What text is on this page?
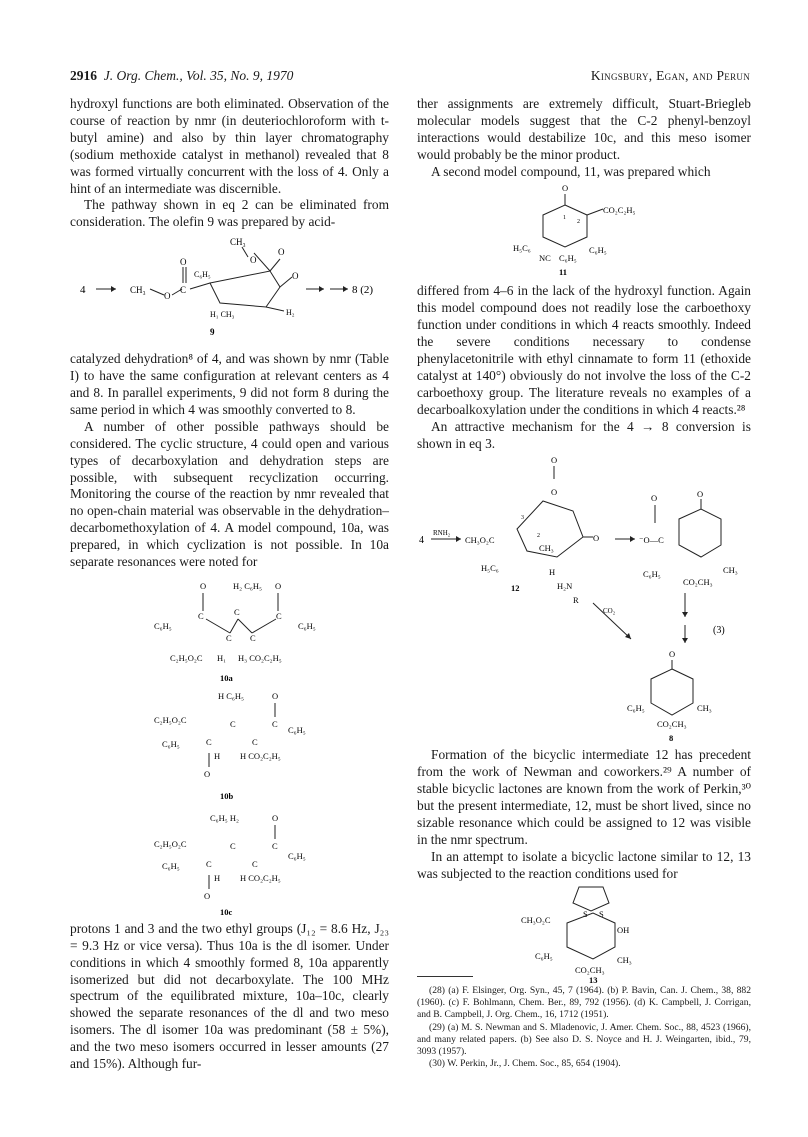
2916 J. Org. Chem., Vol. 35, No. 9, 1970	Kingsbury, Egan, and Perun

hydroxyl functions are both eliminated. Observation of the course of reaction by nmr (in deuteriochloroform with t-butyl amine) and also by thin layer chromatography (sodium methoxide catalyst in methanol) revealed that 8 was formed virtually concurrent with the loss of 4. Only a hint of an intermediate was discernible.

The pathway shown in eq 2 can be eliminated from consideration. The olefin 9 was prepared by acid-

4	CH₃
O
C
O
C₆H₅
CH₃
O
O
O
H₂
H₁ CH₃
9
8 (2)

catalyzed dehydration⁸ of 4, and was shown by nmr (Table I) to have the same configuration at relevant centers as 4 and 8. In parallel experiments, 9 did not form 8 during the same period in which 4 was smoothly converted to 8.

A number of other possible pathways should be considered. The cyclic structure, 4 could open and various types of decarboxylation and dehydration steps are possible, with subsequent recyclization occurring. Monitoring the course of the reaction by nmr revealed that no open-chain material was observable in the dehydration–decarbomethoxylation of 4. A model compound, 10a, was prepared, in which cyclization is not possible. In 10a separate resonances were noted for

O	H₂ C₆H₅ O
C	C
C
C C
C₆H₅	C₆H₅
C₂H₅O₂C H₁ H₃ CO₂C₂H₅
10a
H C₆H₅	O
C₂H₅O₂C	C	C
C₆H₅
C
C
C₆H₅
H H CO₂C₂H₅
O
10b
C₆H₅ H₂	O
C₂H₅O₂C	C	C
C₆H₅
C
C
C₆H₅
H H CO₂C₂H₅
O
10c

protons 1 and 3 and the two ethyl groups (J₁₂ = 8.6 Hz, J₂₃ = 9.3 Hz or vice versa). Thus 10a is the dl isomer. Under conditions in which 4 smoothly formed 8, 10a apparently isomerized but did not decarboxylate. The 100 MHz spectrum of the equilibrated mixture, 10a–10c, clearly showed the separate resonances of the dl and two meso isomers. The dl isomer 10a was predominant (58 ± 5%), and the two meso isomers occurred in lesser amounts (27 and 15%). Although fur-

ther assignments are extremely difficult, Stuart-Briegleb molecular models suggest that the C-2 phenyl-benzoyl interactions would destabilize 10c, and this meso isomer would probably be the minor product.

A second model compound, 11, was prepared which

O
1
2
CO₂C₂H₅
H₅C₆	C₆H₅
NC C₆H₅
11

differed from 4–6 in the lack of the hydroxyl function. Again this model compound does not readily lose the carboethoxy function under conditions in which 4 reacts smoothly. Indeed the severe conditions necessary to condense phenylacetonitrile with ethyl cinnamate to form 11 (ethoxide catalyst at 140°) obviously do not involve the loss of the C-2 carboethoxy group. The literature reveals no examples of a decarboalkoxylation under the conditions in which 4 reacts.²⁸

An attractive mechanism for the 4 → 8 conversion is shown in eq 3.

4
RNH₂
CH₃O₂C
O
O
2
3
O
CH₃
H₅C₆	H
H₂N
R
12
⁻O—C
O	O
C₆H₅	CH₃
CO₂CH₃
CO₂
(3)
O
C₆H₅	CH₃
CO₂CH₃
8

Formation of the bicyclic intermediate 12 has precedent from the work of Newman and coworkers.²⁹ A number of stable bicyclic lactones are known from the work of Perkin,³⁰ but the present intermediate, 12, must be short lived, since no sizable resonance which could be assigned to 12 was visible in the nmr spectrum.

In an attempt to isolate a bicyclic lactone similar to 12, 13 was subjected to the reaction conditions used for

S S
CH₃O₂C
OH
C₆H₅	CH₃
CO₂CH₃
13

(28) (a) F. Elsinger, Org. Syn., 45, 7 (1964). (b) P. Bavin, Can. J. Chem., 38, 882 (1960). (c) F. Bohlmann, Chem. Ber., 89, 792 (1956). (d) K. Campbell, J. Corrigan, and B. Campbell, J. Org. Chem., 16, 1712 (1951).

(29) (a) M. S. Newman and S. Mladenovic, J. Amer. Chem. Soc., 88, 4523 (1966), and many related papers. (b) See also D. S. Noyce and H. J. Weingarten, ibid., 79, 3093 (1957).

(30) W. Perkin, Jr., J. Chem. Soc., 85, 654 (1904).
